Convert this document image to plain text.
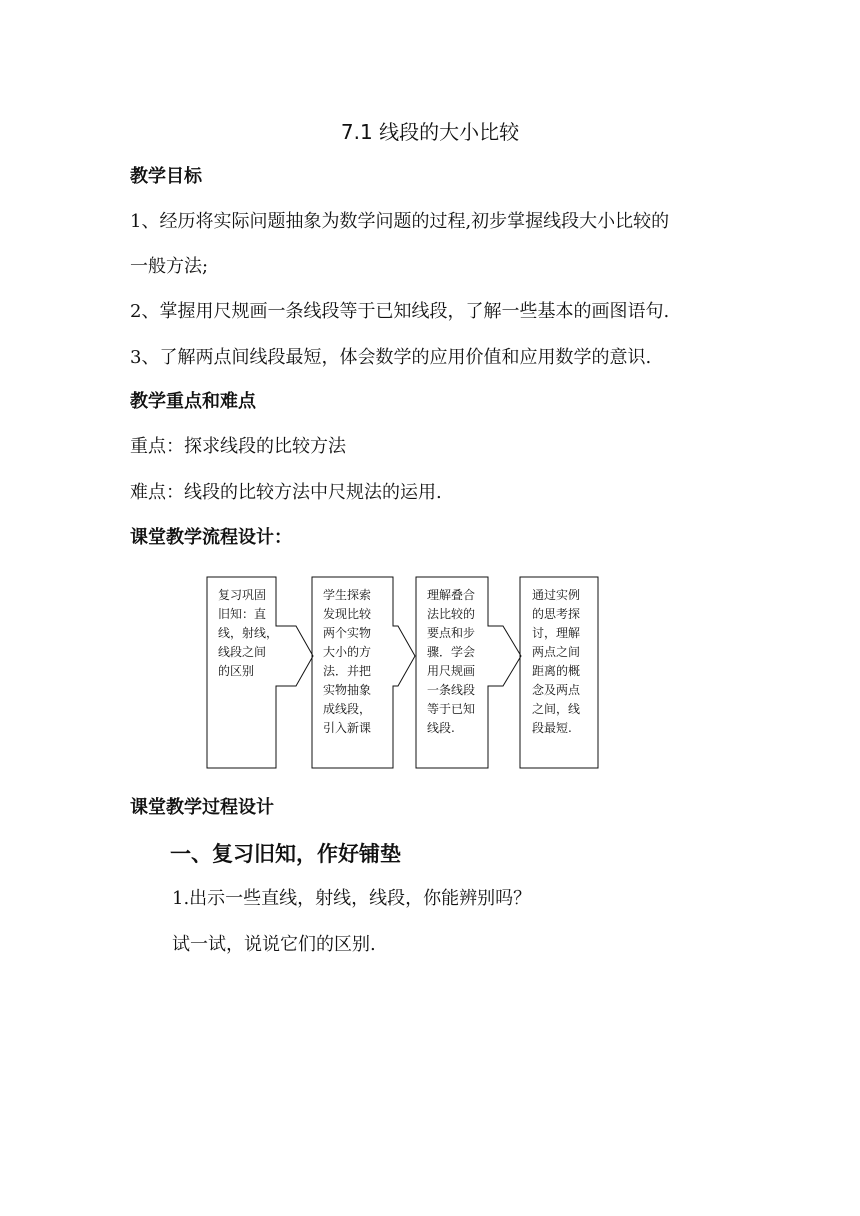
7.1 线段的大小比较
教学目标
1、经历将实际问题抽象为数学问题的过程,初步掌握线段大小比较的
一般方法;
2、掌握用尺规画一条线段等于已知线段，了解一些基本的画图语句.
3、了解两点间线段最短，体会数学的应用价值和应用数学的意识.
教学重点和难点
重点：探求线段的比较方法
难点：线段的比较方法中尺规法的运用.
课堂教学流程设计：
复习巩固
旧知：直
线，射线，
线段之间
的区别
学生探索
发现比较
两个实物
大小的方
法．并把
实物抽象
成线段，
引入新课
理解叠合
法比较的
要点和步
骤．学会
用尺规画
一条线段
等于已知
线段.
通过实例
的思考探
讨，理解
两点之间
距离的概
念及两点
之间，线
段最短.
课堂教学过程设计
一、复习旧知，作好铺垫
1.出示一些直线，射线，线段，你能辨别吗？
试一试，说说它们的区别.
